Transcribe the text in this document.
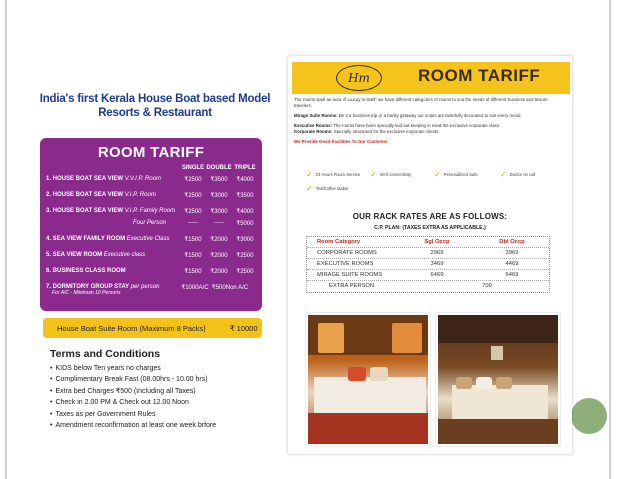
India's first Kerala House Boat based Model Resorts & Restaurant
ROOM TARIFF
SINGLE DOUBLE TRIPLE
1. HOUSE BOAT SEA VIEW V.V.I.P. Room	₹2500	₹3500	₹4000
2. HOUSE BOAT SEA VIEW V.I.P. Room	₹2500	₹3000	₹3500
3. HOUSE BOAT SEA VIEW V.I.P. Family Room	₹2500	₹3000	₹4000
Four Person	-----	-----	₹5000
4. SEA VIEW FAMILY ROOM Executive Class	₹1500	₹2000	₹3000
5. SEA VIEW ROOM Executive class	₹1500	₹2000	₹2500
6. BUSINESS CLASS ROOM	₹1500	₹2000	₹2500
7. DORMITORY GROUP STAY per person
For A/C - Minimum 10 Persons
₹1000A/C ₹500Non A/C
House Boat Suite Room (Maximum 8 Packs)	₹ 10000
Terms and Conditions
• KIDS below Ten years no charges
• Complimentary Break Fast (08.00hrs - 10.00 hrs)
• Extra bed Charges ₹500 (Including all Taxes)
• Check in 2.00 PM & Check out 12.00 Noon
• Taxes as per Government Rules
• Amendment reconfirmation at least one week brfore
Hm	ROOM TARIFF
The rooms spell an aura of Luxury in itself; we have different categories of rooms to suit the needs of different business and leisure travelers.
Mirage Suite Rooms: Be it a business trip or a family getaway our suites are tastefully decorated to suit every mood.
Executive Rooms: The rooms have been specially laid out keeping in mind the exclusive corporate class.
Corporate Rooms: Specially structured for the exclusive corporate clients.
We Provide Good Facilities To Our Customer
✓ 24 Hours Room Service ✓ Wi-fi connectivity	✓ Personalized Safe	✓ Doctor on call
✓ Tea/Coffee Maker
OUR RACK RATES ARE AS FOLLOWS:
C.P. PLAN: (TAXES EXTRA AS APPLICABLE.)
Room Category	Sgl Occp	Dbl Occp
CORPORATE ROOMS	2969	3969
EXECUTIVE ROOMS	3469	4469
MIRAGE SUITE ROOMS	6469	6469
EXTRA PERSON	700
